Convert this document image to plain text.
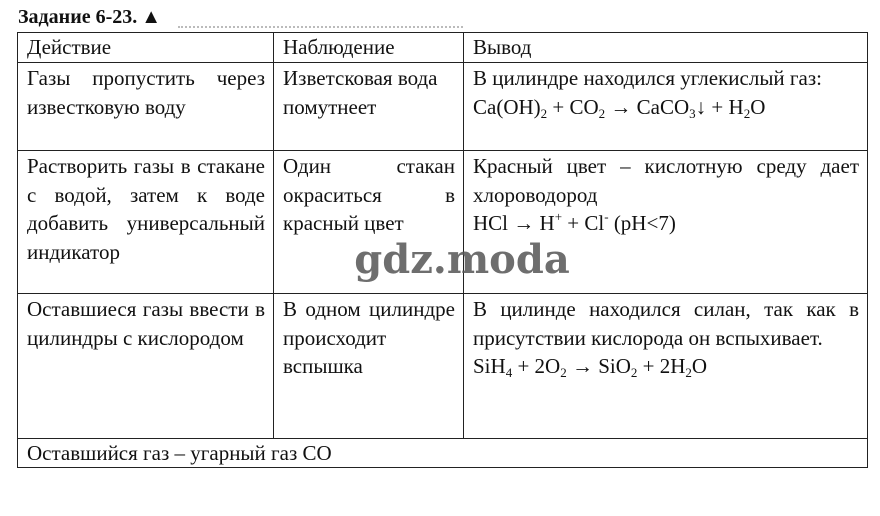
Задание 6-23. ▲
Действие	Наблюдение	Вывод
Газы пропустить через известковую воду	Изветсковая вода помутнеет	В цилиндре находился углекислый газ:
$Ca(OH)_2 + CO_2$ → CaCO$_3$↓ + $H_2O$

Растворить газы в стакане с водой, затем к воде добавить универсальный индикатор	Один стакан окраситься в красный цвет	Красный цвет – кислотную среду дает хлороводород
HCl → H+ + Cl- (pH<7)

Оставшиеся газы ввести в цилиндры с кислородом	В одном цилиндре происходит вспышка	В цилинде находился силан, так как в присутствии кислорода он вспыхивает.
$SiH_4 + 2O_2 \to SiO_2 + 2H_2O$

Оставшийся газ – угарный газ CO		
gdz.moda
